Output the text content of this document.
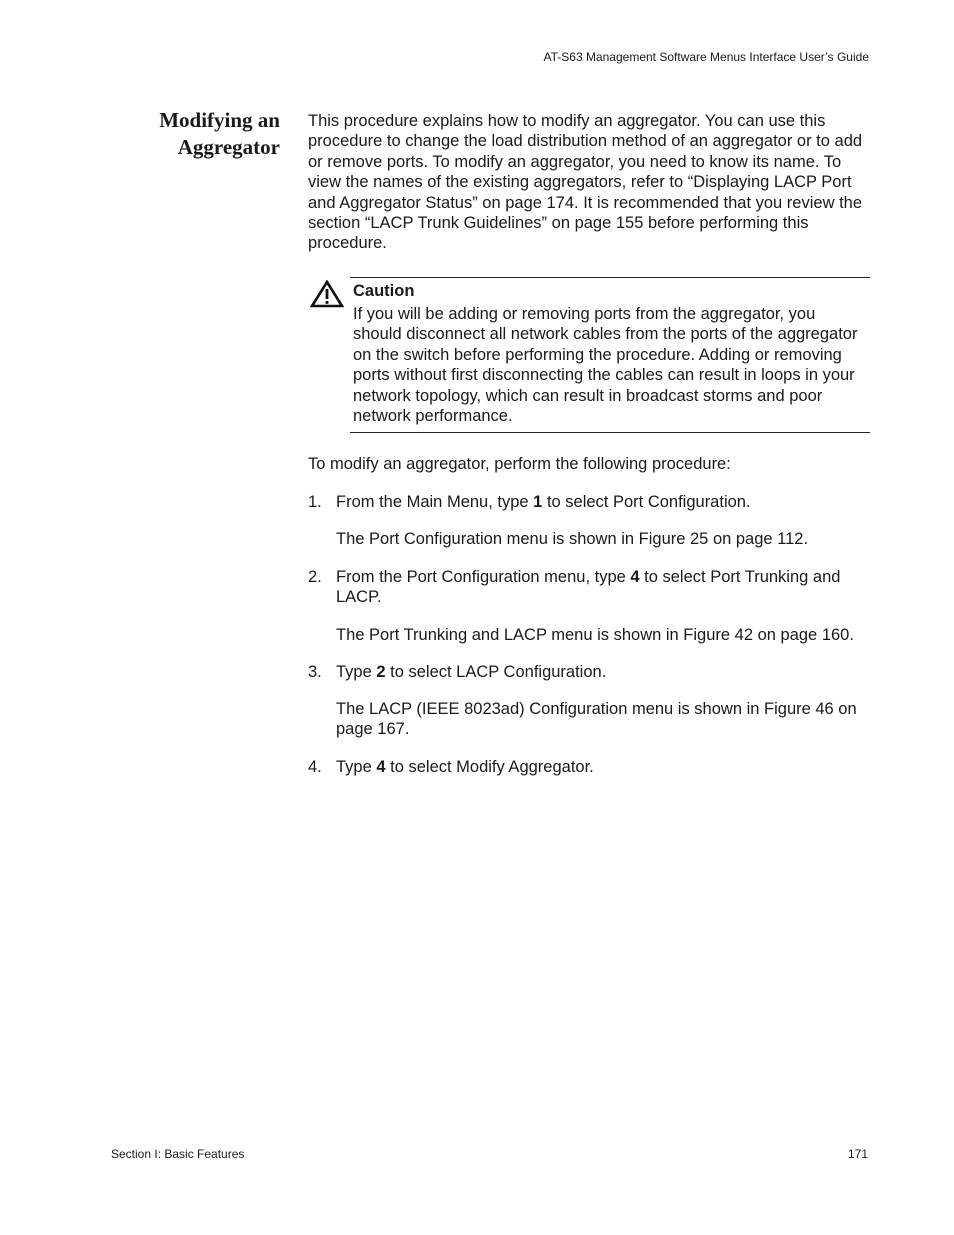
AT-S63 Management Software Menus Interface User’s Guide
Modifying an
Aggregator

This procedure explains how to modify an aggregator. You can use this procedure to change the load distribution method of an aggregator or to add or remove ports. To modify an aggregator, you need to know its name. To view the names of the existing aggregators, refer to “Displaying LACP Port and Aggregator Status” on page 174. It is recommended that you review the section “LACP Trunk Guidelines” on page 155 before performing this procedure.

Caution
If you will be adding or removing ports from the aggregator, you should disconnect all network cables from the ports of the aggregator on the switch before performing the procedure. Adding or removing ports without first disconnecting the cables can result in loops in your network topology, which can result in broadcast storms and poor network performance.
To modify an aggregator, perform the following procedure:
1. From the Main Menu, type 1 to select Port Configuration.
The Port Configuration menu is shown in Figure 25 on page 112.
2. From the Port Configuration menu, type 4 to select Port Trunking and LACP.
The Port Trunking and LACP menu is shown in Figure 42 on page 160.
3. Type 2 to select LACP Configuration.
The LACP (IEEE 8023ad) Configuration menu is shown in Figure 46 on page 167.
4. Type 4 to select Modify Aggregator.
Section I: Basic Features	171
